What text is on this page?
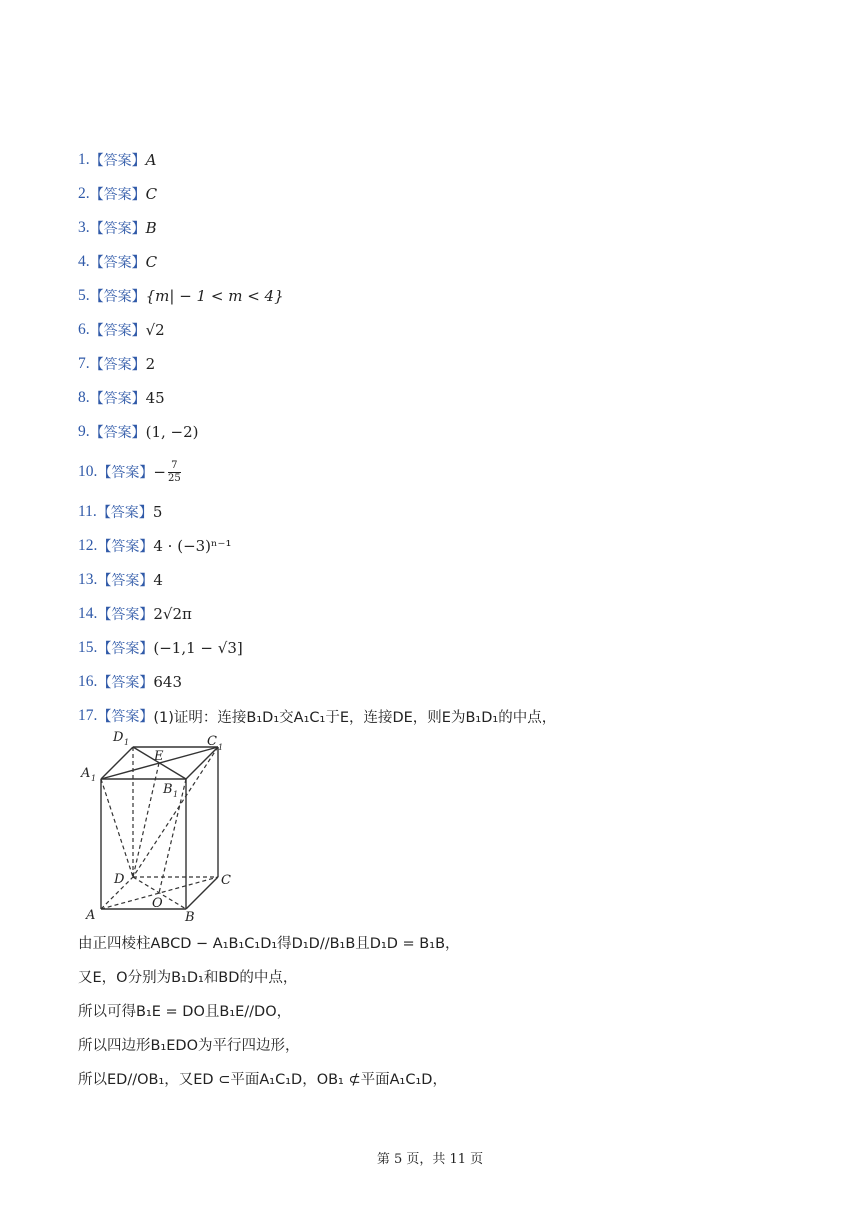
1. 【答案】 A
2. 【答案】 C
3. 【答案】 B
4. 【答案】 C
5. 【答案】 {m| − 1 < m < 4}
6. 【答案】 √2
7. 【答案】 2
8. 【答案】 45
9. 【答案】 (1, −2)
10. 【答案】 − 7
25
11. 【答案】 5
12. 【答案】 4 · (−3)ⁿ⁻¹
13. 【答案】 4
14. 【答案】 2√2π
15. 【答案】 (−1,1 − √3]
16. 【答案】 643
17. 【答案】 (1)证明：连接B₁D₁交A₁C₁于E，连接DE，则E为B₁D₁的中点，
D 1	C 1
A 1
E
B 1
D	C
O
A	B
由正四棱柱ABCD − A₁B₁C₁D₁得D₁D//B₁B且D₁D = B₁B，
又E，O分别为B₁D₁和BD的中点，
所以可得B₁E = DO且B₁E//DO，
所以四边形B₁EDO为平行四边形，
所以ED//OB₁，又ED ⊂平面A₁C₁D，OB₁ ⊄平面A₁C₁D，
第 5 页，共 11 页
